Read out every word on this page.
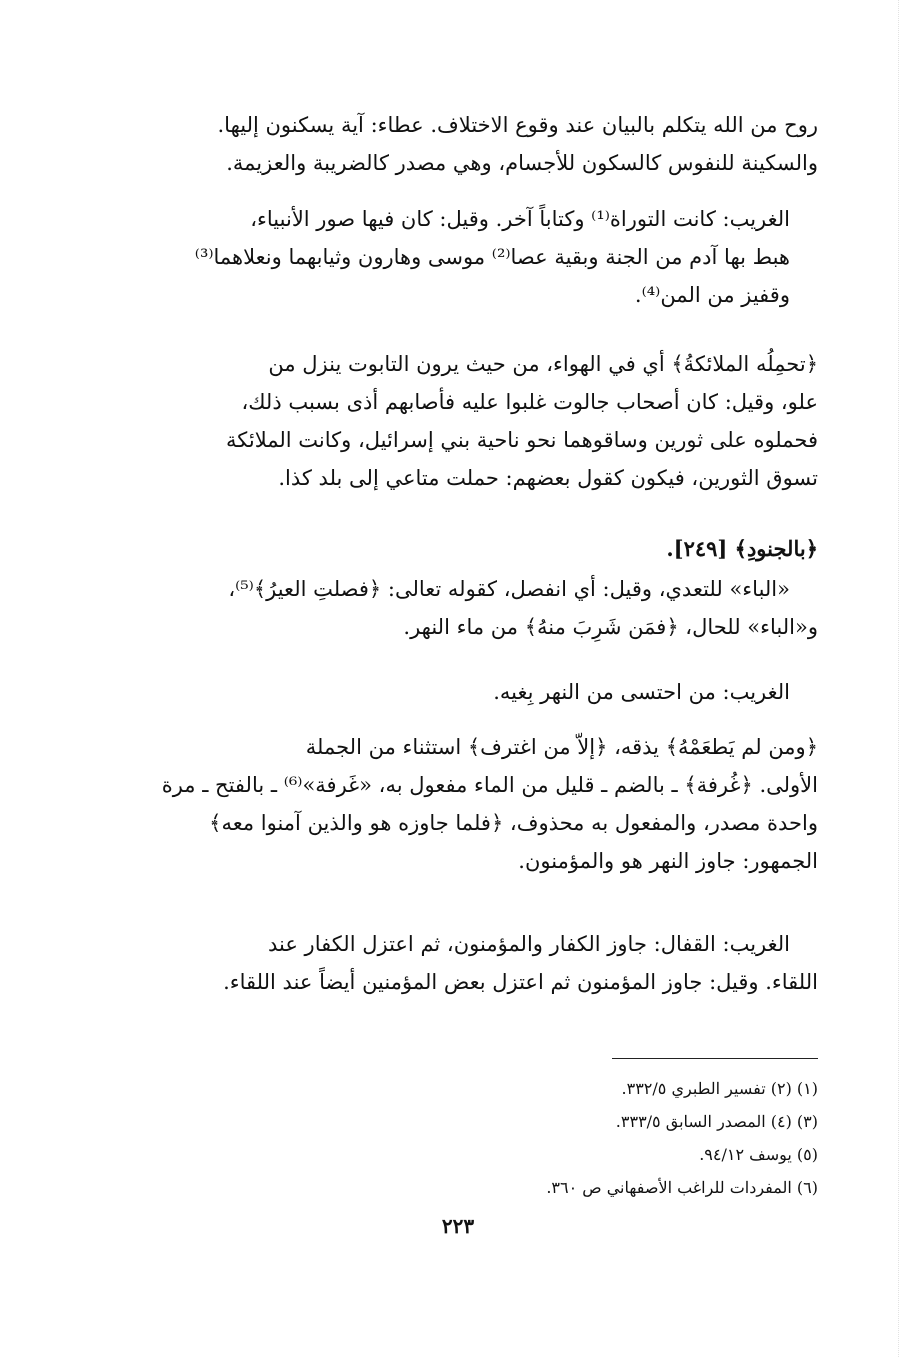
روح من الله يتكلم بالبيان عند وقوع الاختلاف. عطاء: آية يسكنون إليها.
والسكينة للنفوس كالسكون للأجسام، وهي مصدر كالضريبة والعزيمة.
الغريب: كانت التوراة⁽¹⁾ وكتاباً آخر. وقيل: كان فيها صور الأنبياء،
هبط بها آدم من الجنة وبقية عصا⁽²⁾ موسى وهارون وثيابهما ونعلاهما⁽³⁾
وقفيز من المن⁽⁴⁾.
﴿تحمِلُه الملائكةُ﴾ أي في الهواء، من حيث يرون التابوت ينزل من
علو، وقيل: كان أصحاب جالوت غلبوا عليه فأصابهم أذى بسبب ذلك،
فحملوه على ثورين وساقوهما نحو ناحية بني إسرائيل، وكانت الملائكة
تسوق الثورين، فيكون كقول بعضهم: حملت متاعي إلى بلد كذا.
﴿بالجنودِ﴾ [٢٤٩].
«الباء» للتعدي، وقيل: أي انفصل، كقوله تعالى: ﴿فصلتِ العيرُ﴾⁽⁵⁾،
و«الباء» للحال، ﴿فمَن شَرِبَ منهُ﴾ من ماء النهر.
الغريب: من احتسى من النهر بِغيه.
﴿ومن لم يَطعَمْهُ﴾ يذقه، ﴿إلاّ من اغترف﴾ استثناء من الجملة
الأولى. ﴿غُرفة﴾ ـ بالضم ـ قليل من الماء مفعول به، «غَرفة»⁽⁶⁾ ـ بالفتح ـ مرة
واحدة مصدر، والمفعول به محذوف، ﴿فلما جاوزه هو والذين آمنوا معه﴾
الجمهور: جاوز النهر هو والمؤمنون.
الغريب: القفال: جاوز الكفار والمؤمنون، ثم اعتزل الكفار عند
اللقاء. وقيل: جاوز المؤمنون ثم اعتزل بعض المؤمنين أيضاً عند اللقاء.
(١) (٢) تفسير الطبري ٣٣٢/٥.
(٣) (٤) المصدر السابق ٣٣٣/٥.
(٥) يوسف ٩٤/١٢.
(٦) المفردات للراغب الأصفهاني ص ٣٦٠.
٢٢٣
